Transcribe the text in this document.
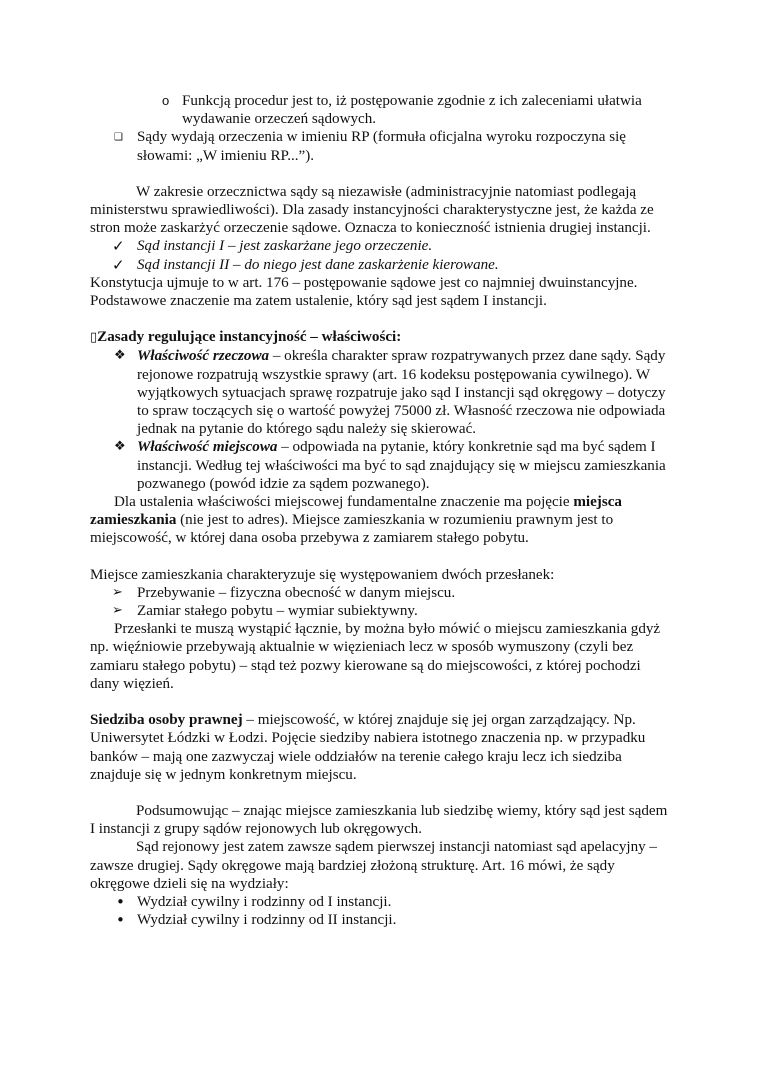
o Funkcją procedur jest to, iż postępowanie zgodnie z ich zaleceniami ułatwia wydawanie orzeczeń sądowych.

❑ Sądy wydają orzeczenia w imieniu RP (formuła oficjalna wyroku rozpoczyna się słowami: „W imieniu RP...”).

W zakresie orzecznictwa sądy są niezawisłe (administracyjnie natomiast podlegają ministerstwu sprawiedliwości). Dla zasady instancyjności charakterystyczne jest, że każda ze stron może zaskarżyć orzeczenie sądowe. Oznacza to konieczność istnienia drugiej instancji.

✓ Sąd instancji I – jest zaskarżane jego orzeczenie.

✓ Sąd instancji II – do niego jest dane zaskarżenie kierowane.

Konstytucja ujmuje to w art. 176 – postępowanie sądowe jest co najmniej dwuinstancyjne. Podstawowe znaczenie ma zatem ustalenie, który sąd jest sądem I instancji.

▯Zasady regulujące instancyjność – właściwości:

❖ Właściwość rzeczowa – określa charakter spraw rozpatrywanych przez dane sądy. Sądy rejonowe rozpatrują wszystkie sprawy (art. 16 kodeksu postępowania cywilnego). W wyjątkowych sytuacjach sprawę rozpatruje jako sąd I instancji sąd okręgowy – dotyczy to spraw toczących się o wartość powyżej 75000 zł. Własność rzeczowa nie odpowiada jednak na pytanie do którego sądu należy się skierować.

❖ Właściwość miejscowa – odpowiada na pytanie, który konkretnie sąd ma być sądem I instancji. Według tej właściwości ma być to sąd znajdujący się w miejscu zamieszkania pozwanego (powód idzie za sądem pozwanego).

Dla ustalenia właściwości miejscowej fundamentalne znaczenie ma pojęcie miejsca zamieszkania (nie jest to adres). Miejsce zamieszkania w rozumieniu prawnym jest to miejscowość, w której dana osoba przebywa z zamiarem stałego pobytu.

Miejsce zamieszkania charakteryzuje się występowaniem dwóch przesłanek:

➢ Przebywanie – fizyczna obecność w danym miejscu.

➢ Zamiar stałego pobytu – wymiar subiektywny.

Przesłanki te muszą wystąpić łącznie, by można było mówić o miejscu zamieszkania gdyż np. więźniowie przebywają aktualnie w więzieniach lecz w sposób wymuszony (czyli bez zamiaru stałego pobytu) – stąd też pozwy kierowane są do miejscowości, z której pochodzi dany więzień.

Siedziba osoby prawnej – miejscowość, w której znajduje się jej organ zarządzający. Np. Uniwersytet Łódzki w Łodzi. Pojęcie siedziby nabiera istotnego znaczenia np. w przypadku banków – mają one zazwyczaj wiele oddziałów na terenie całego kraju lecz ich siedziba znajduje się w jednym konkretnym miejscu.

Podsumowując – znając miejsce zamieszkania lub siedzibę wiemy, który sąd jest sądem I instancji z grupy sądów rejonowych lub okręgowych.

Sąd rejonowy jest zatem zawsze sądem pierwszej instancji natomiast sąd apelacyjny – zawsze drugiej. Sądy okręgowe mają bardziej złożoną strukturę. Art. 16 mówi, że sądy okręgowe dzieli się na wydziały:

• Wydział cywilny i rodzinny od I instancji.

• Wydział cywilny i rodzinny od II instancji.
